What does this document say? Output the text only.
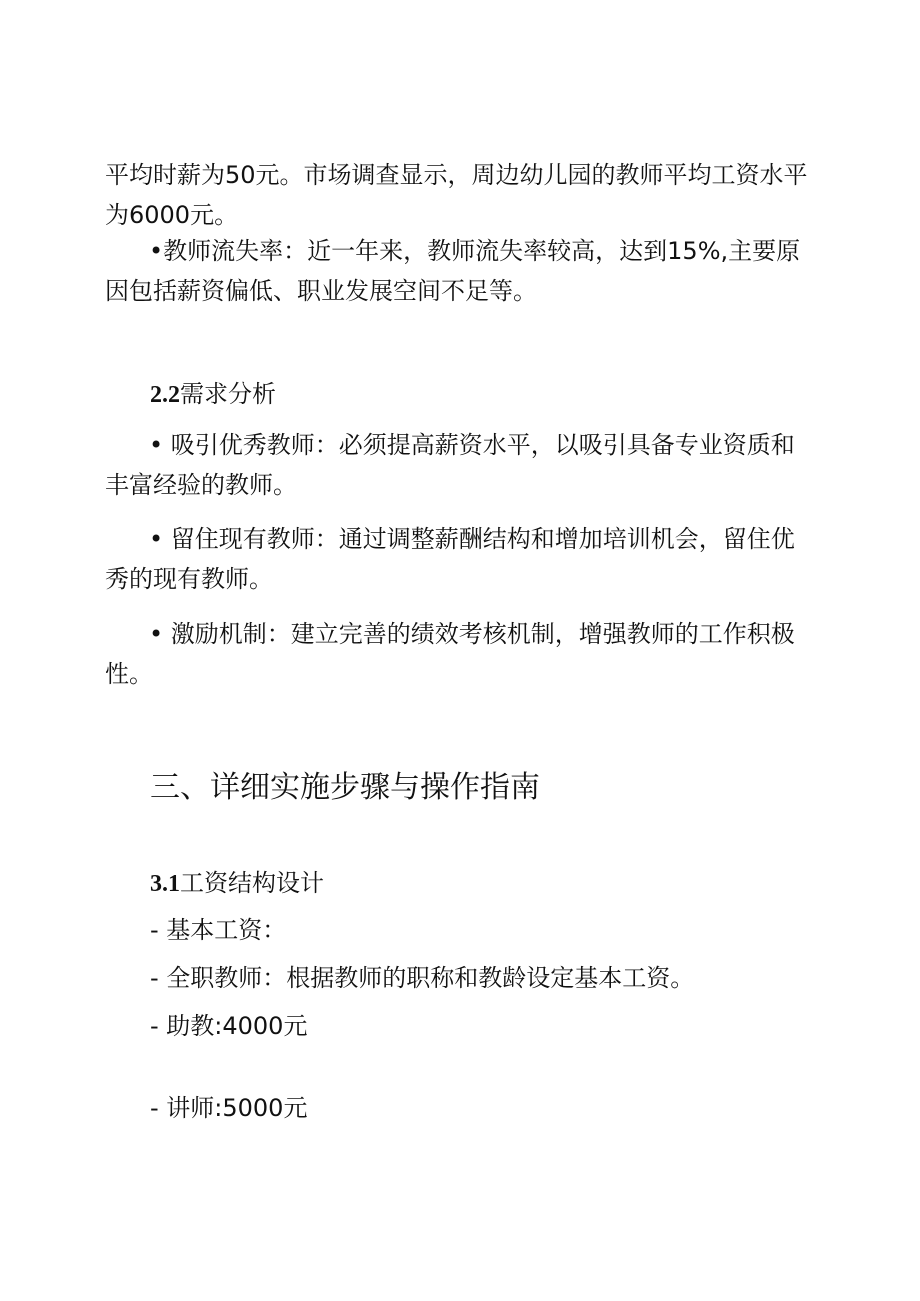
平均时薪为50元。市场调查显示，周边幼儿园的教师平均工资水平为6000元。

•教师流失率：近一年来，教师流失率较高，达到15%,主要原因包括薪资偏低、职业发展空间不足等。

2.2需求分析

• 吸引优秀教师：必须提高薪资水平，以吸引具备专业资质和丰富经验的教师。

• 留住现有教师：通过调整薪酬结构和增加培训机会，留住优秀的现有教师。

• 激励机制：建立完善的绩效考核机制，增强教师的工作积极性。

三、详细实施步骤与操作指南

3.1工资结构设计

- 基本工资：

- 全职教师：根据教师的职称和教龄设定基本工资。

- 助教:4000元

- 讲师:5000元
